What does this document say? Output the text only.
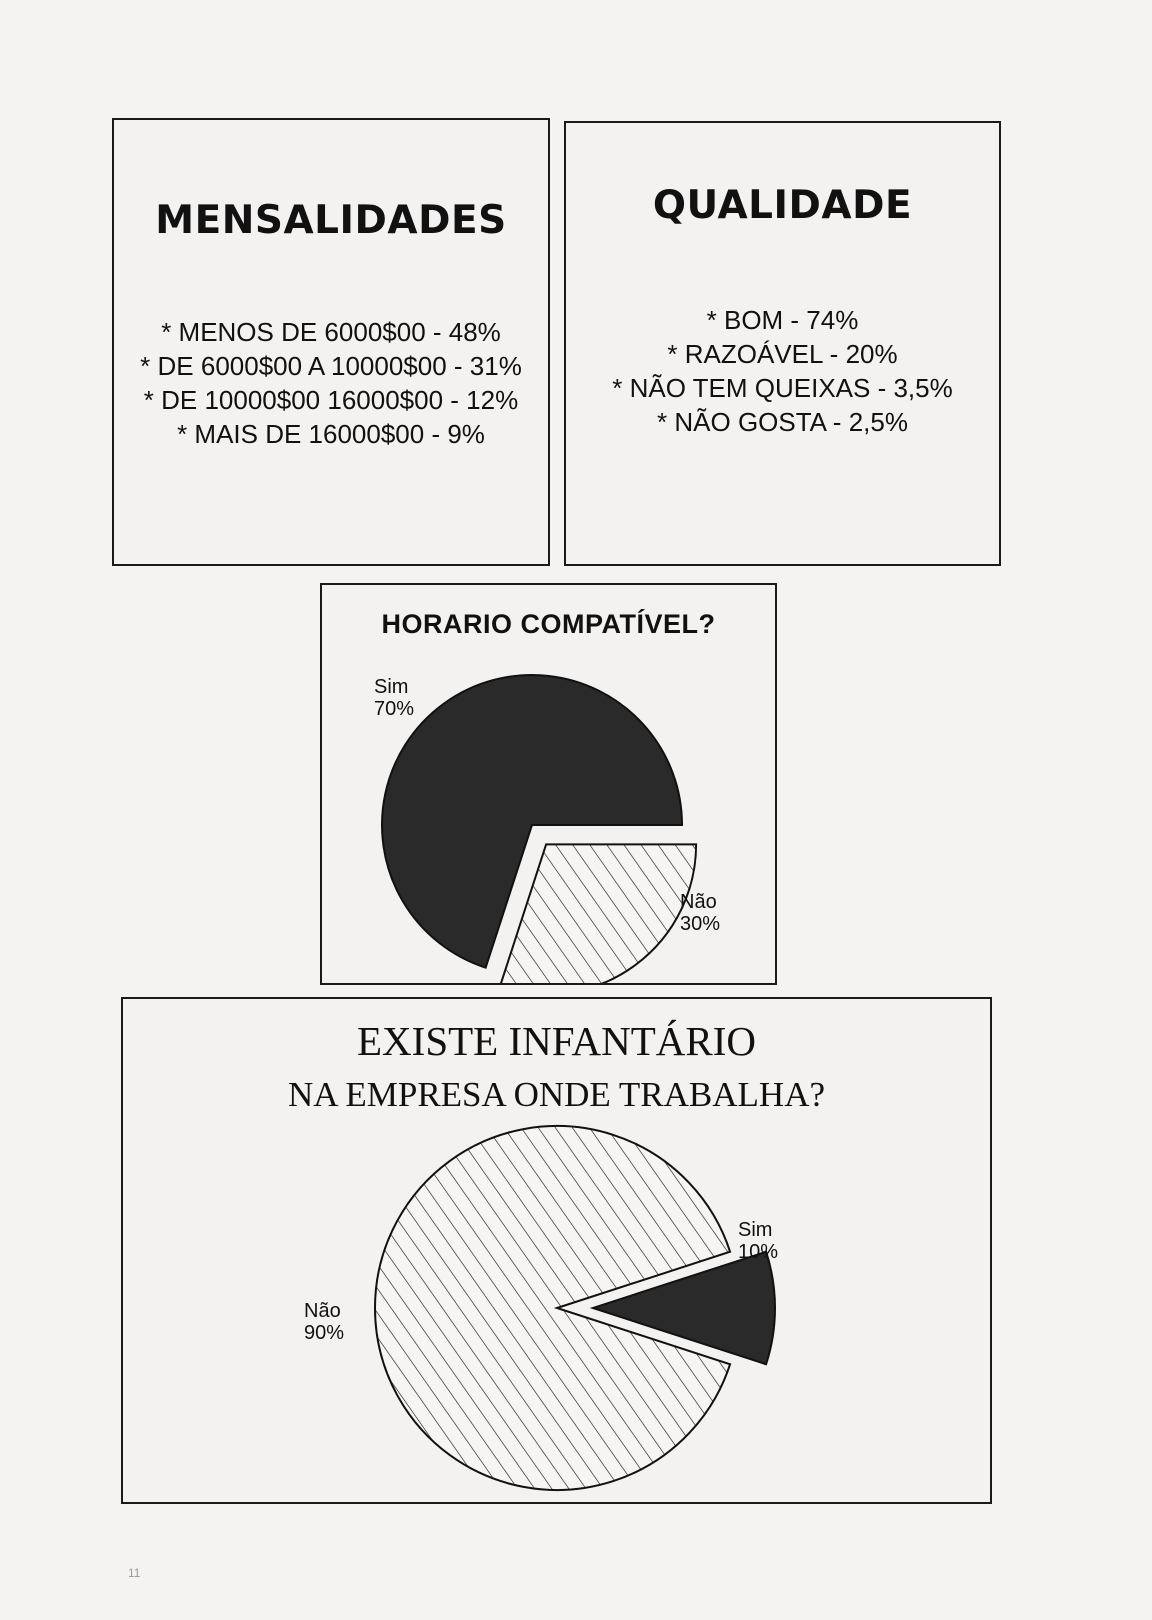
MENSALIDADES
* MENOS DE 6000$00 - 48%
* DE 6000$00 A 10000$00 - 31%
* DE 10000$00 16000$00 - 12%
* MAIS DE 16000$00 - 9%
QUALIDADE
* BOM - 74%
* RAZOÁVEL - 20%
* NÃO TEM QUEIXAS - 3,5%
* NÃO GOSTA - 2,5%
HORARIO COMPATÍVEL?
Sim
70%
Não
30%
EXISTE INFANTÁRIO
NA EMPRESA ONDE TRABALHA?
Sim
10%
Não
90%
11
